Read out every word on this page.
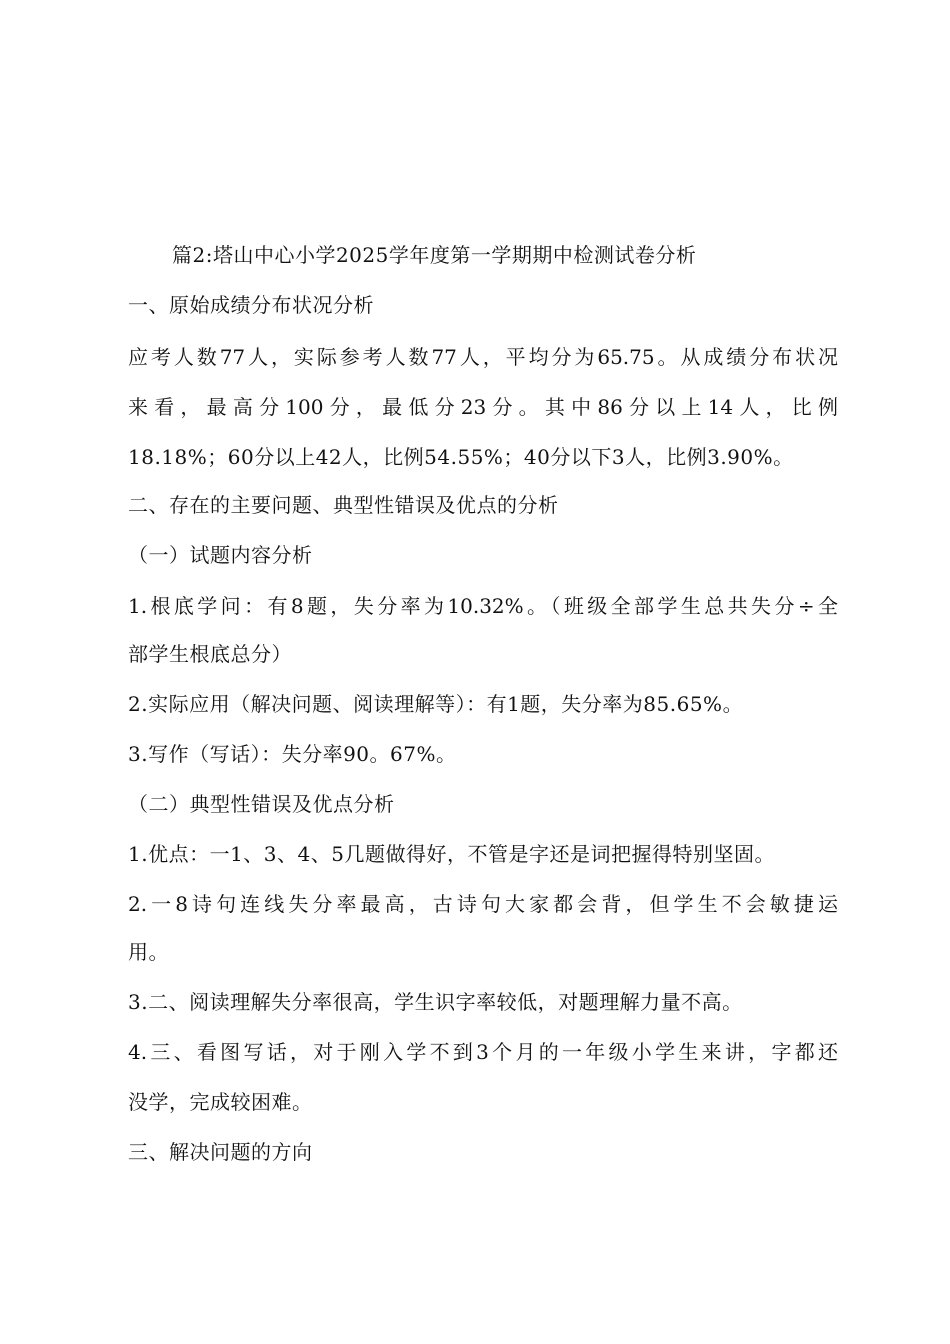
篇2:塔山中心小学2025学年度第一学期期中检测试卷分析
一、原始成绩分布状况分析
应考人数77人，实际参考人数77人，平均分为65.75。从成绩分布状况
来看，最高分100分，最低分23分。其中86分以上14人，比例
18.18%；60分以上42人，比例54.55%；40分以下3人，比例3.90%。
二、存在的主要问题、典型性错误及优点的分析
（一）试题内容分析
1.根底学问：有8题，失分率为10.32%。（班级全部学生总共失分÷全
部学生根底总分）
2.实际应用（解决问题、阅读理解等）：有1题，失分率为85.65%。
3.写作（写话）：失分率90。67%。
（二）典型性错误及优点分析
1.优点：一1、3、4、5几题做得好，不管是字还是词把握得特别坚固。
2.一8诗句连线失分率最高，古诗句大家都会背，但学生不会敏捷运
用。
3.二、阅读理解失分率很高，学生识字率较低，对题理解力量不高。
4.三、看图写话，对于刚入学不到3个月的一年级小学生来讲，字都还
没学，完成较困难。
三、解决问题的方向
